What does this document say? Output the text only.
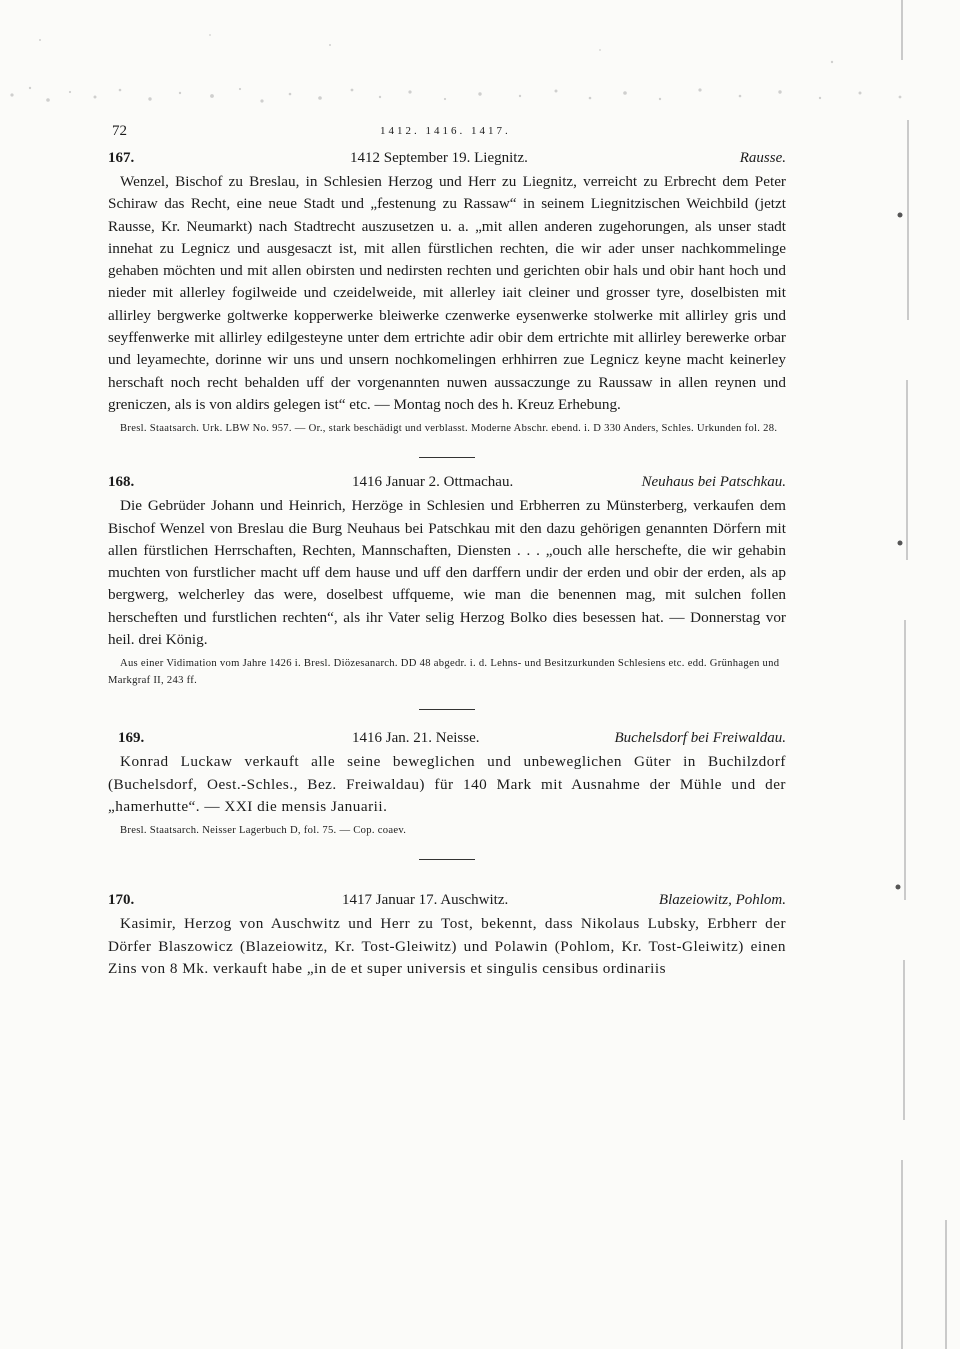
72	1412. 1416. 1417.
167.	1412 September 19. Liegnitz.	Rausse.

Wenzel, Bischof zu Breslau, in Schlesien Herzog und Herr zu Liegnitz, verreicht zu Erbrecht dem Peter Schiraw das Recht, eine neue Stadt und „festenung zu Rassaw“ in seinem Liegnitzischen Weichbild (jetzt Rausse, Kr. Neumarkt) nach Stadtrecht auszusetzen u. a. „mit allen anderen zugehorungen, als unser stadt innehat zu Legnicz und ausgesaczt ist, mit allen fürstlichen rechten, die wir ader unser nachkommelinge gehaben möchten und mit allen obirsten und nedirsten rechten und gerichten obir hals und obir hant hoch und nieder mit allerley fogilweide und czeidelweide, mit allerley iait cleiner und grosser tyre, doselbisten mit allirley bergwerke goltwerke kopperwerke bleiwerke czenwerke eysenwerke stolwerke mit allirley gris und seyffenwerke mit allirley edilgesteyne unter dem ertrichte adir obir dem ertrichte mit allirley berewerke orbar und leyamechte, dorinne wir uns und unsern nochkomelingen erhhirren zue Legnicz keyne macht keinerley herschaft noch recht behalden uff der vorgenannten nuwen aussaczunge zu Raussaw in allen reynen und greniczen, als is von aldirs gelegen ist“ etc. — Montag noch des h. Kreuz Erhebung.

Bresl. Staatsarch. Urk. LBW No. 957. — Or., stark beschädigt und verblasst. Moderne Abschr. ebend. i. D 330 Anders, Schles. Urkunden fol. 28.

168.	1416 Januar 2. Ottmachau.	Neuhaus bei Patschkau.

Die Gebrüder Johann und Heinrich, Herzöge in Schlesien und Erbherren zu Münsterberg, verkaufen dem Bischof Wenzel von Breslau die Burg Neuhaus bei Patschkau mit den dazu gehörigen genannten Dörfern mit allen fürstlichen Herrschaften, Rechten, Mannschaften, Diensten . . . „ouch alle herschefte, die wir gehabin muchten von furstlicher macht uff dem hause und uff den darffern undir der erden und obir der erden, als ap bergwerg, welcherley das were, doselbest uffqueme, wie man die benennen mag, mit sulchen follen herscheften und furstlichen rechten“, als ihr Vater selig Herzog Bolko dies besessen hat. — Donnerstag vor heil. drei König.

Aus einer Vidimation vom Jahre 1426 i. Bresl. Diözesanarch. DD 48 abgedr. i. d. Lehns- und Besitzurkunden Schlesiens etc. edd. Grünhagen und Markgraf II, 243 ff.

169.	1416 Jan. 21. Neisse.	Buchelsdorf bei Freiwaldau.

Konrad Luckaw verkauft alle seine beweglichen und unbeweglichen Güter in Buchilzdorf (Buchelsdorf, Oest.-Schles., Bez. Freiwaldau) für 140 Mark mit Ausnahme der Mühle und der „hamerhutte“. — XXI die mensis Januarii.

Bresl. Staatsarch. Neisser Lagerbuch D, fol. 75. — Cop. coaev.

170.	1417 Januar 17. Auschwitz.	Blazeiowitz, Pohlom.

Kasimir, Herzog von Auschwitz und Herr zu Tost, bekennt, dass Nikolaus Lubsky, Erbherr der Dörfer Blaszowicz (Blazeiowitz, Kr. Tost-Gleiwitz) und Polawin (Pohlom, Kr. Tost-Gleiwitz) einen Zins von 8 Mk. verkauft habe „in de et super universis et singulis censibus ordinariis
